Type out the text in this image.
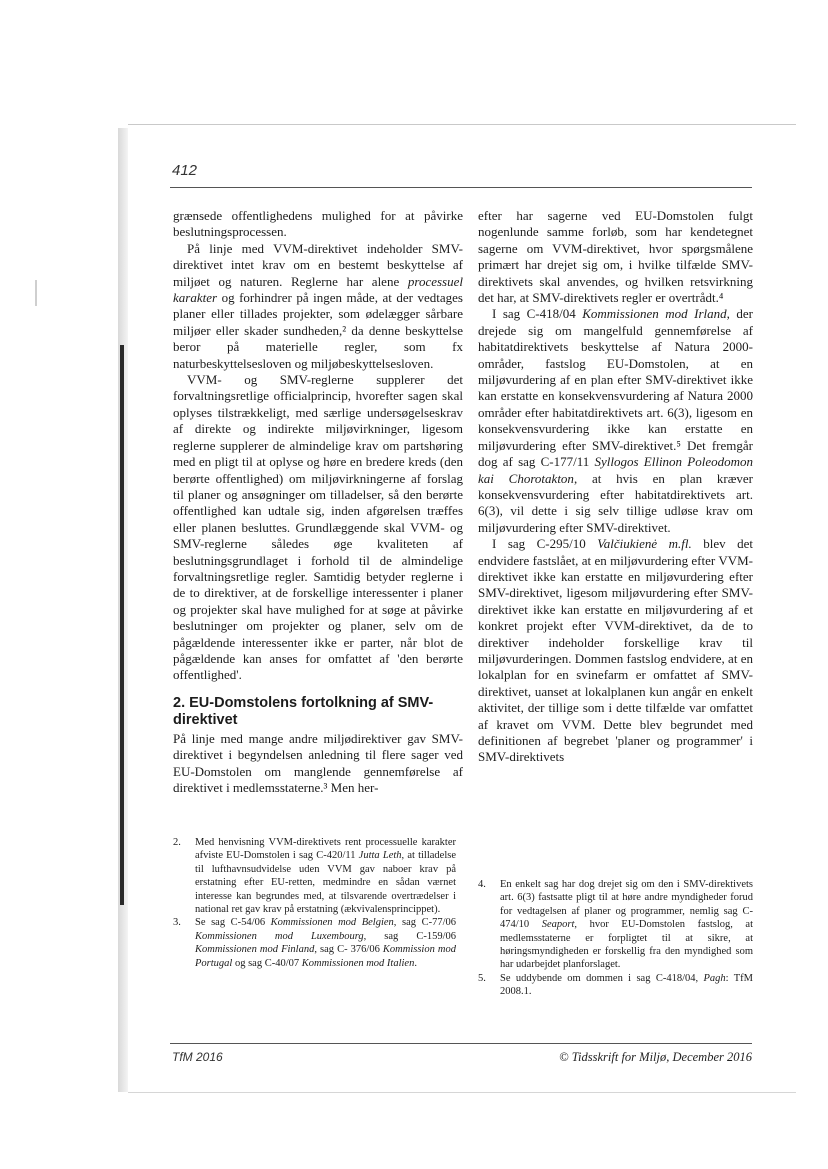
412

grænsede offentlighedens mulighed for at påvirke beslutningsprocessen.

På linje med VVM-direktivet indeholder SMV-direktivet intet krav om en bestemt beskyttelse af miljøet og naturen. Reglerne har alene processuel karakter og forhindrer på ingen måde, at der vedtages planer eller tillades projekter, som ødelægger sårbare miljøer eller skader sundheden,² da denne beskyttelse beror på materielle regler, som fx naturbeskyttelsesloven og miljøbeskyttelsesloven.

VVM- og SMV-reglerne supplerer det forvaltningsretlige officialprincip, hvorefter sagen skal oplyses tilstrækkeligt, med særlige undersøgelseskrav af direkte og indirekte miljøvirkninger, ligesom reglerne supplerer de almindelige krav om partshøring med en pligt til at oplyse og høre en bredere kreds (den berørte offentlighed) om miljøvirkningerne af forslag til planer og ansøgninger om tilladelser, så den berørte offentlighed kan udtale sig, inden afgørelsen træffes eller planen besluttes. Grundlæggende skal VVM- og SMV-reglerne således øge kvaliteten af beslutningsgrundlaget i forhold til de almindelige forvaltningsretlige regler. Samtidig betyder reglerne i de to direktiver, at de forskellige interessenter i planer og projekter skal have mulighed for at søge at påvirke beslutninger om projekter og planer, selv om de pågældende interessenter ikke er parter, når blot de pågældende kan anses for omfattet af 'den berørte offentlighed'.

2. EU-Domstolens fortolkning af SMV-direktivet

På linje med mange andre miljødirektiver gav SMV-direktivet i begyndelsen anledning til flere sager ved EU-Domstolen om manglende gennemførelse af direktivet i medlemsstaterne.³ Men her-

efter har sagerne ved EU-Domstolen fulgt nogenlunde samme forløb, som har kendetegnet sagerne om VVM-direktivet, hvor spørgsmålene primært har drejet sig om, i hvilke tilfælde SMV-direktivets skal anvendes, og hvilken retsvirkning det har, at SMV-direktivets regler er overtrådt.⁴

I sag C-418/04 Kommissionen mod Irland, der drejede sig om mangelfuld gennemførelse af habitatdirektivets beskyttelse af Natura 2000-områder, fastslog EU-Domstolen, at en miljøvurdering af en plan efter SMV-direktivet ikke kan erstatte en konsekvensvurdering af Natura 2000 områder efter habitatdirektivets art. 6(3), ligesom en konsekvensvurdering ikke kan erstatte en miljøvurdering efter SMV-direktivet.⁵ Det fremgår dog af sag C-177/11 Syllogos Ellinon Poleodomon kai Chorotakton, at hvis en plan kræver konsekvensvurdering efter habitatdirektivets art. 6(3), vil dette i sig selv tillige udløse krav om miljøvurdering efter SMV-direktivet.

I sag C-295/10 Valčiukienė m.fl. blev det endvidere fastslået, at en miljøvurdering efter VVM-direktivet ikke kan erstatte en miljøvurdering efter SMV-direktivet, ligesom miljøvurdering efter SMV-direktivet ikke kan erstatte en miljøvurdering af et konkret projekt efter VVM-direktivet, da de to direktiver indeholder forskellige krav til miljøvurderingen. Dommen fastslog endvidere, at en lokalplan for en svinefarm er omfattet af SMV-direktivet, uanset at lokalplanen kun angår en enkelt aktivitet, der tillige som i dette tilfælde var omfattet af kravet om VVM. Dette blev begrundet med definitionen af begrebet 'planer og programmer' i SMV-direktivets

2.	Med henvisning VVM-direktivets rent processuelle karakter afviste EU-Domstolen i sag C-420/11 Jutta Leth, at tilladelse til lufthavnsudvidelse uden VVM gav naboer krav på erstatning efter EU-retten, medmindre en sådan værnet interesse kan begrundes med, at tilsvarende overtrædelser i national ret gav krav på erstatning (ækvivalensprincippet).
3.	Se sag C-54/06 Kommissionen mod Belgien, sag C-77/06 Kommissionen mod Luxembourg, sag C-159/06 Kommissionen mod Finland, sag C- 376/06 Kommission mod Portugal og sag C-40/07 Kommissionen mod Italien.
4.	En enkelt sag har dog drejet sig om den i SMV-direktivets art. 6(3) fastsatte pligt til at høre andre myndigheder forud for vedtagelsen af planer og programmer, nemlig sag C-474/10 Seaport, hvor EU-Domstolen fastslog, at medlemsstaterne er forpligtet til at sikre, at høringsmyndigheden er forskellig fra den myndighed som har udarbejdet planforslaget.
5.	Se uddybende om dommen i sag C-418/04, Pagh: TfM 2008.1.
TfM 2016	© Tidsskrift for Miljø, December 2016
